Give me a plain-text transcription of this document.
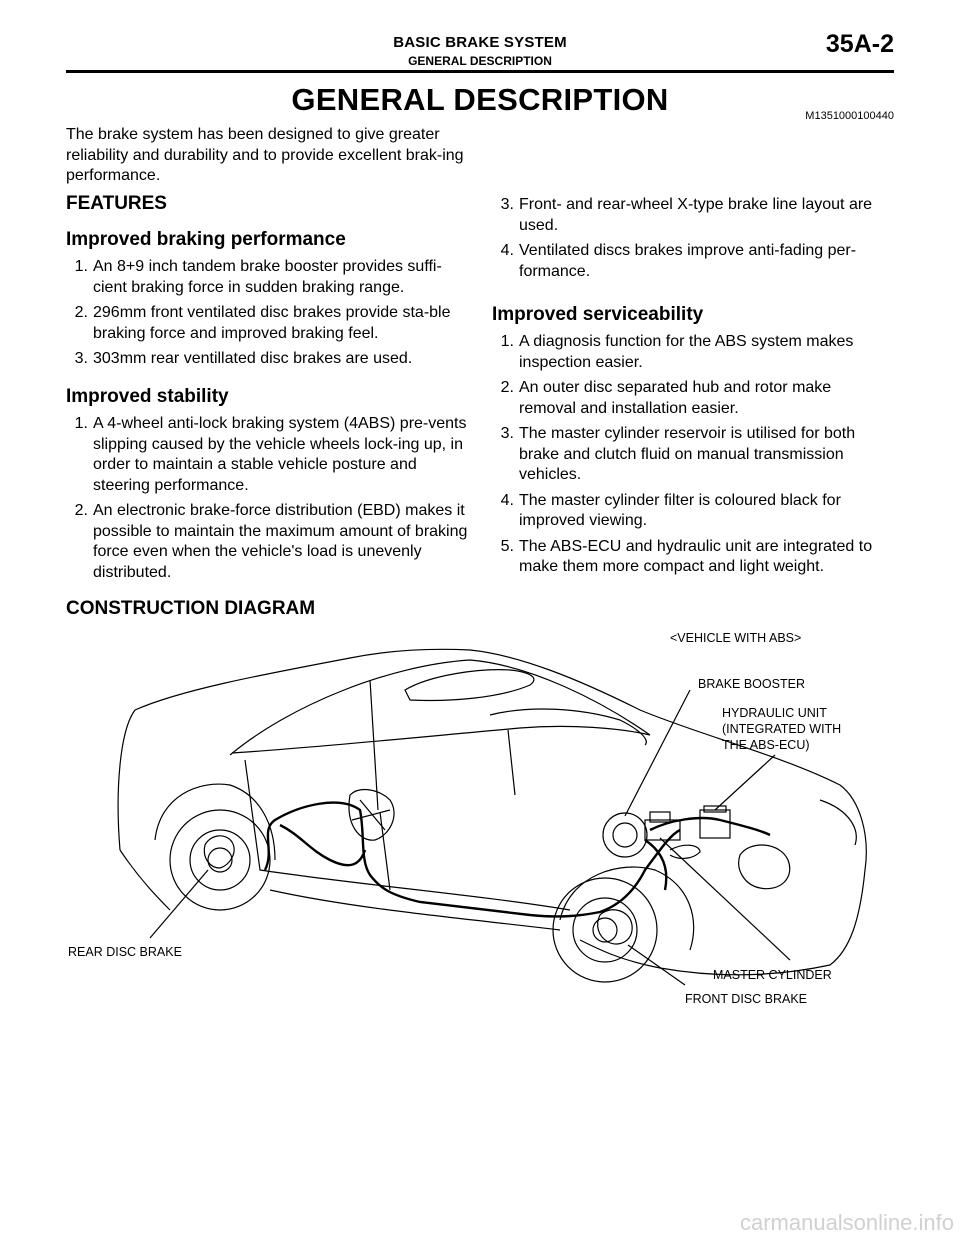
BASIC BRAKE SYSTEM
GENERAL DESCRIPTION
35A-2
GENERAL DESCRIPTION	M1351000100440
The brake system has been designed to give greater reliability and durability and to provide excellent brak-ing performance.
FEATURES
Improved braking performance
1. An 8+9 inch tandem brake booster provides suffi-cient braking force in sudden braking range.
2. 296mm front ventilated disc brakes provide sta-ble braking force and improved braking feel.
3. 303mm rear ventillated disc brakes are used.
Improved stability
1. A 4-wheel anti-lock braking system (4ABS) pre-vents slipping caused by the vehicle wheels lock-ing up, in order to maintain a stable vehicle posture and steering performance.
2. An electronic brake-force distribution (EBD) makes it possible to maintain the maximum amount of braking force even when the vehicle's load is unevenly distributed.
3. Front- and rear-wheel X-type brake line layout are used.
4. Ventilated discs brakes improve anti-fading per-formance.
Improved serviceability
1. A diagnosis function for the ABS system makes inspection easier.
2. An outer disc separated hub and rotor make removal and installation easier.
3. The master cylinder reservoir is utilised for both brake and clutch fluid on manual transmission vehicles.
4. The master cylinder filter is coloured black for improved viewing.
5. The ABS-ECU and hydraulic unit are integrated to make them more compact and light weight.
CONSTRUCTION DIAGRAM
<VEHICLE WITH ABS>
BRAKE BOOSTER
HYDRAULIC UNIT
(INTEGRATED WITH
THE ABS-ECU)
REAR DISC BRAKE
MASTER CYLINDER
FRONT DISC BRAKE
carmanualsonline.info
